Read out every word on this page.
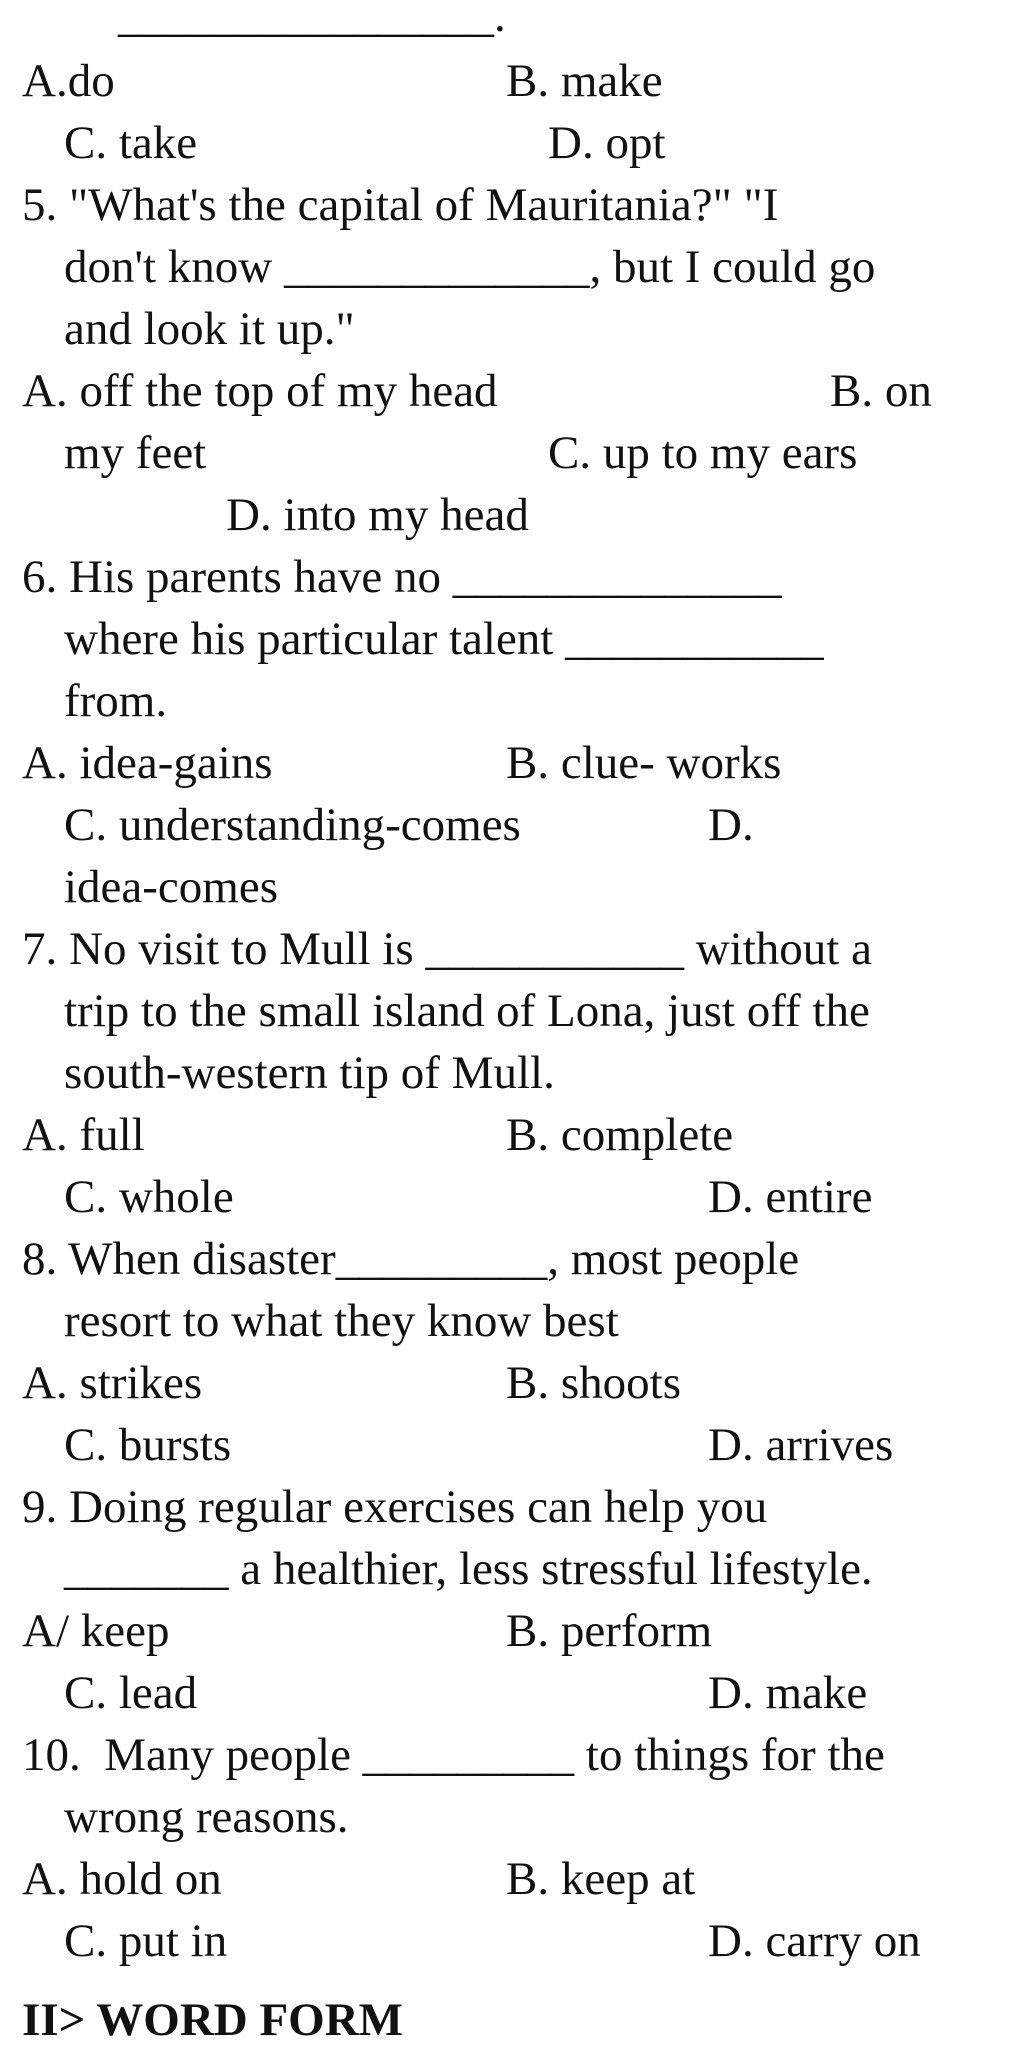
________________.
A.do	B. make
C. take	D. opt
5. "What's the capital of Mauritania?" "I
don't know _____________, but I could go
and look it up."
A. off the top of my head	B. on
my feet	C. up to my ears
D. into my head
6. His parents have no ______________
where his particular talent ___________
from.
A. idea-gains	B. clue- works
C. understanding-comes	D.
idea-comes
7. No visit to Mull is ___________ without a
trip to the small island of Lona, just off the
south-western tip of Mull.
A. full	B. complete
C. whole	D. entire
8. When disaster_________, most people
resort to what they know best
A. strikes	B. shoots
C. bursts	D. arrives
9. Doing regular exercises can help you
_______ a healthier, less stressful lifestyle.
A/ keep	B. perform
C. lead	D. make
10.  Many people _________ to things for the
wrong reasons.
A. hold on	B. keep at
C. put in	D. carry on
II> WORD FORM
